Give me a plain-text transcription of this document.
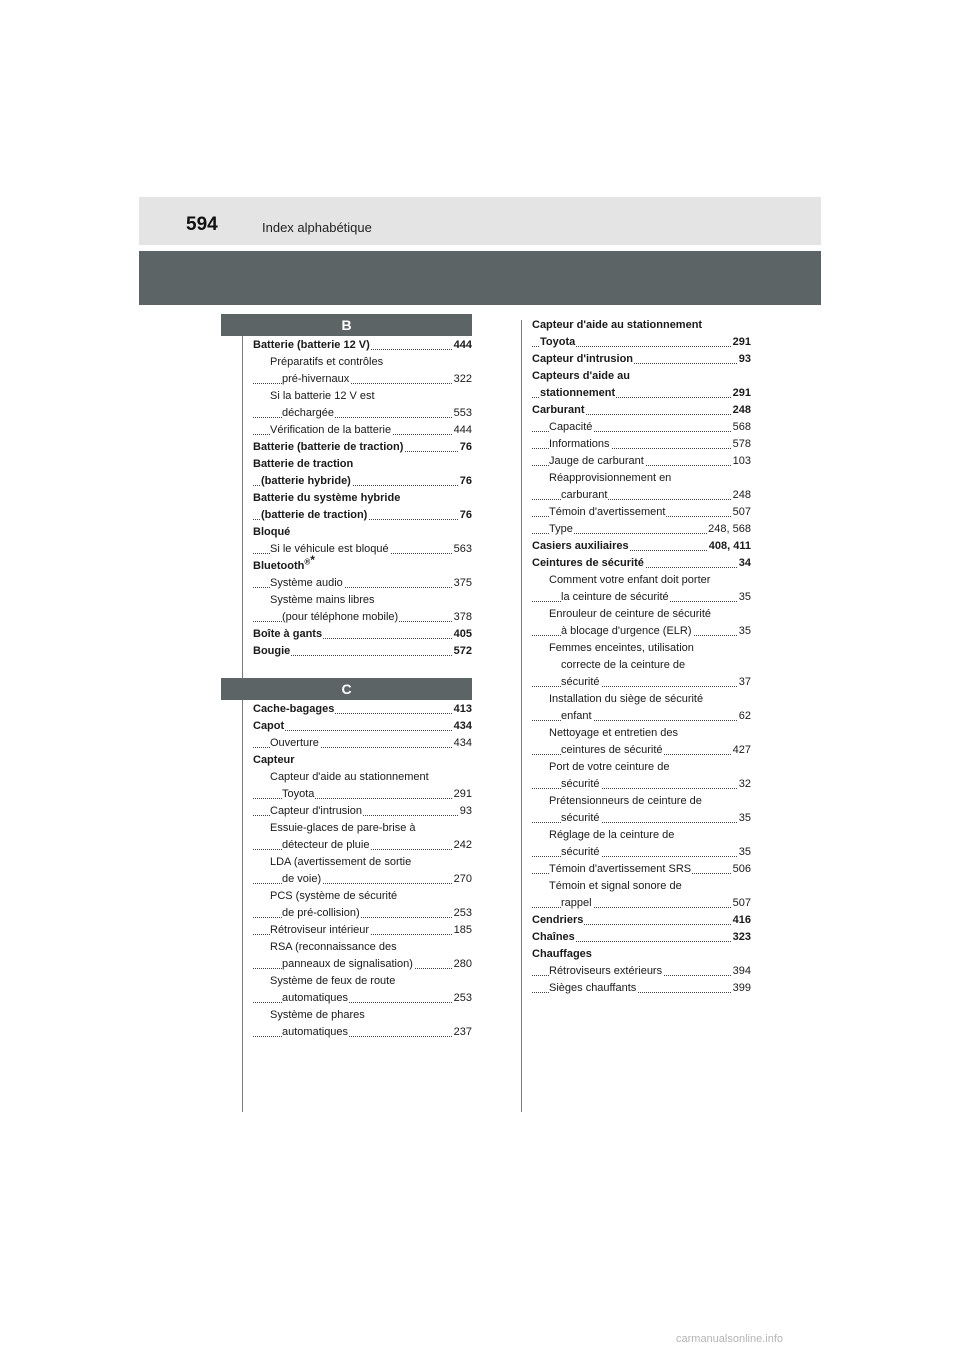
594	Index alphabétique
B
Batterie (batterie 12 V)	444
Préparatifs et contrôles
pré-hivernaux	322
Si la batterie 12 V est
déchargée	553
Vérification de la batterie	444
Batterie (batterie de traction)	76
Batterie de traction
(batterie hybride)	76
Batterie du système hybride
(batterie de traction)	76
Bloqué
Si le véhicule est bloqué	563
Bluetooth®*
Système audio	375
Système mains libres
(pour téléphone mobile)	378
Boîte à gants	405
Bougie	572
C
Cache-bagages	413
Capot	434
Ouverture	434
Capteur
Capteur d'aide au stationnement
Toyota	291
Capteur d'intrusion	93
Essuie-glaces de pare-brise à
détecteur de pluie	242
LDA (avertissement de sortie
de voie)	270
PCS (système de sécurité
de pré-collision)	253
Rétroviseur intérieur	185
RSA (reconnaissance des
panneaux de signalisation)	280
Système de feux de route
automatiques	253
Système de phares
automatiques	237
Capteur d'aide au stationnement
Toyota	291
Capteur d'intrusion	93
Capteurs d'aide au
stationnement	291
Carburant	248
Capacité	568
Informations	578
Jauge de carburant	103
Réapprovisionnement en
carburant	248
Témoin d'avertissement	507
Type	248, 568
Casiers auxiliaires	408, 411
Ceintures de sécurité	34
Comment votre enfant doit porter
la ceinture de sécurité	35
Enrouleur de ceinture de sécurité
à blocage d'urgence (ELR)	35
Femmes enceintes, utilisation
correcte de la ceinture de
sécurité	37
Installation du siège de sécurité
enfant	62
Nettoyage et entretien des
ceintures de sécurité	427
Port de votre ceinture de
sécurité	32
Prétensionneurs de ceinture de
sécurité	35
Réglage de la ceinture de
sécurité	35
Témoin d'avertissement SRS	506
Témoin et signal sonore de
rappel	507
Cendriers	416
Chaînes	323
Chauffages
Rétroviseurs extérieurs	394
Sièges chauffants	399
carmanualsonline.info
